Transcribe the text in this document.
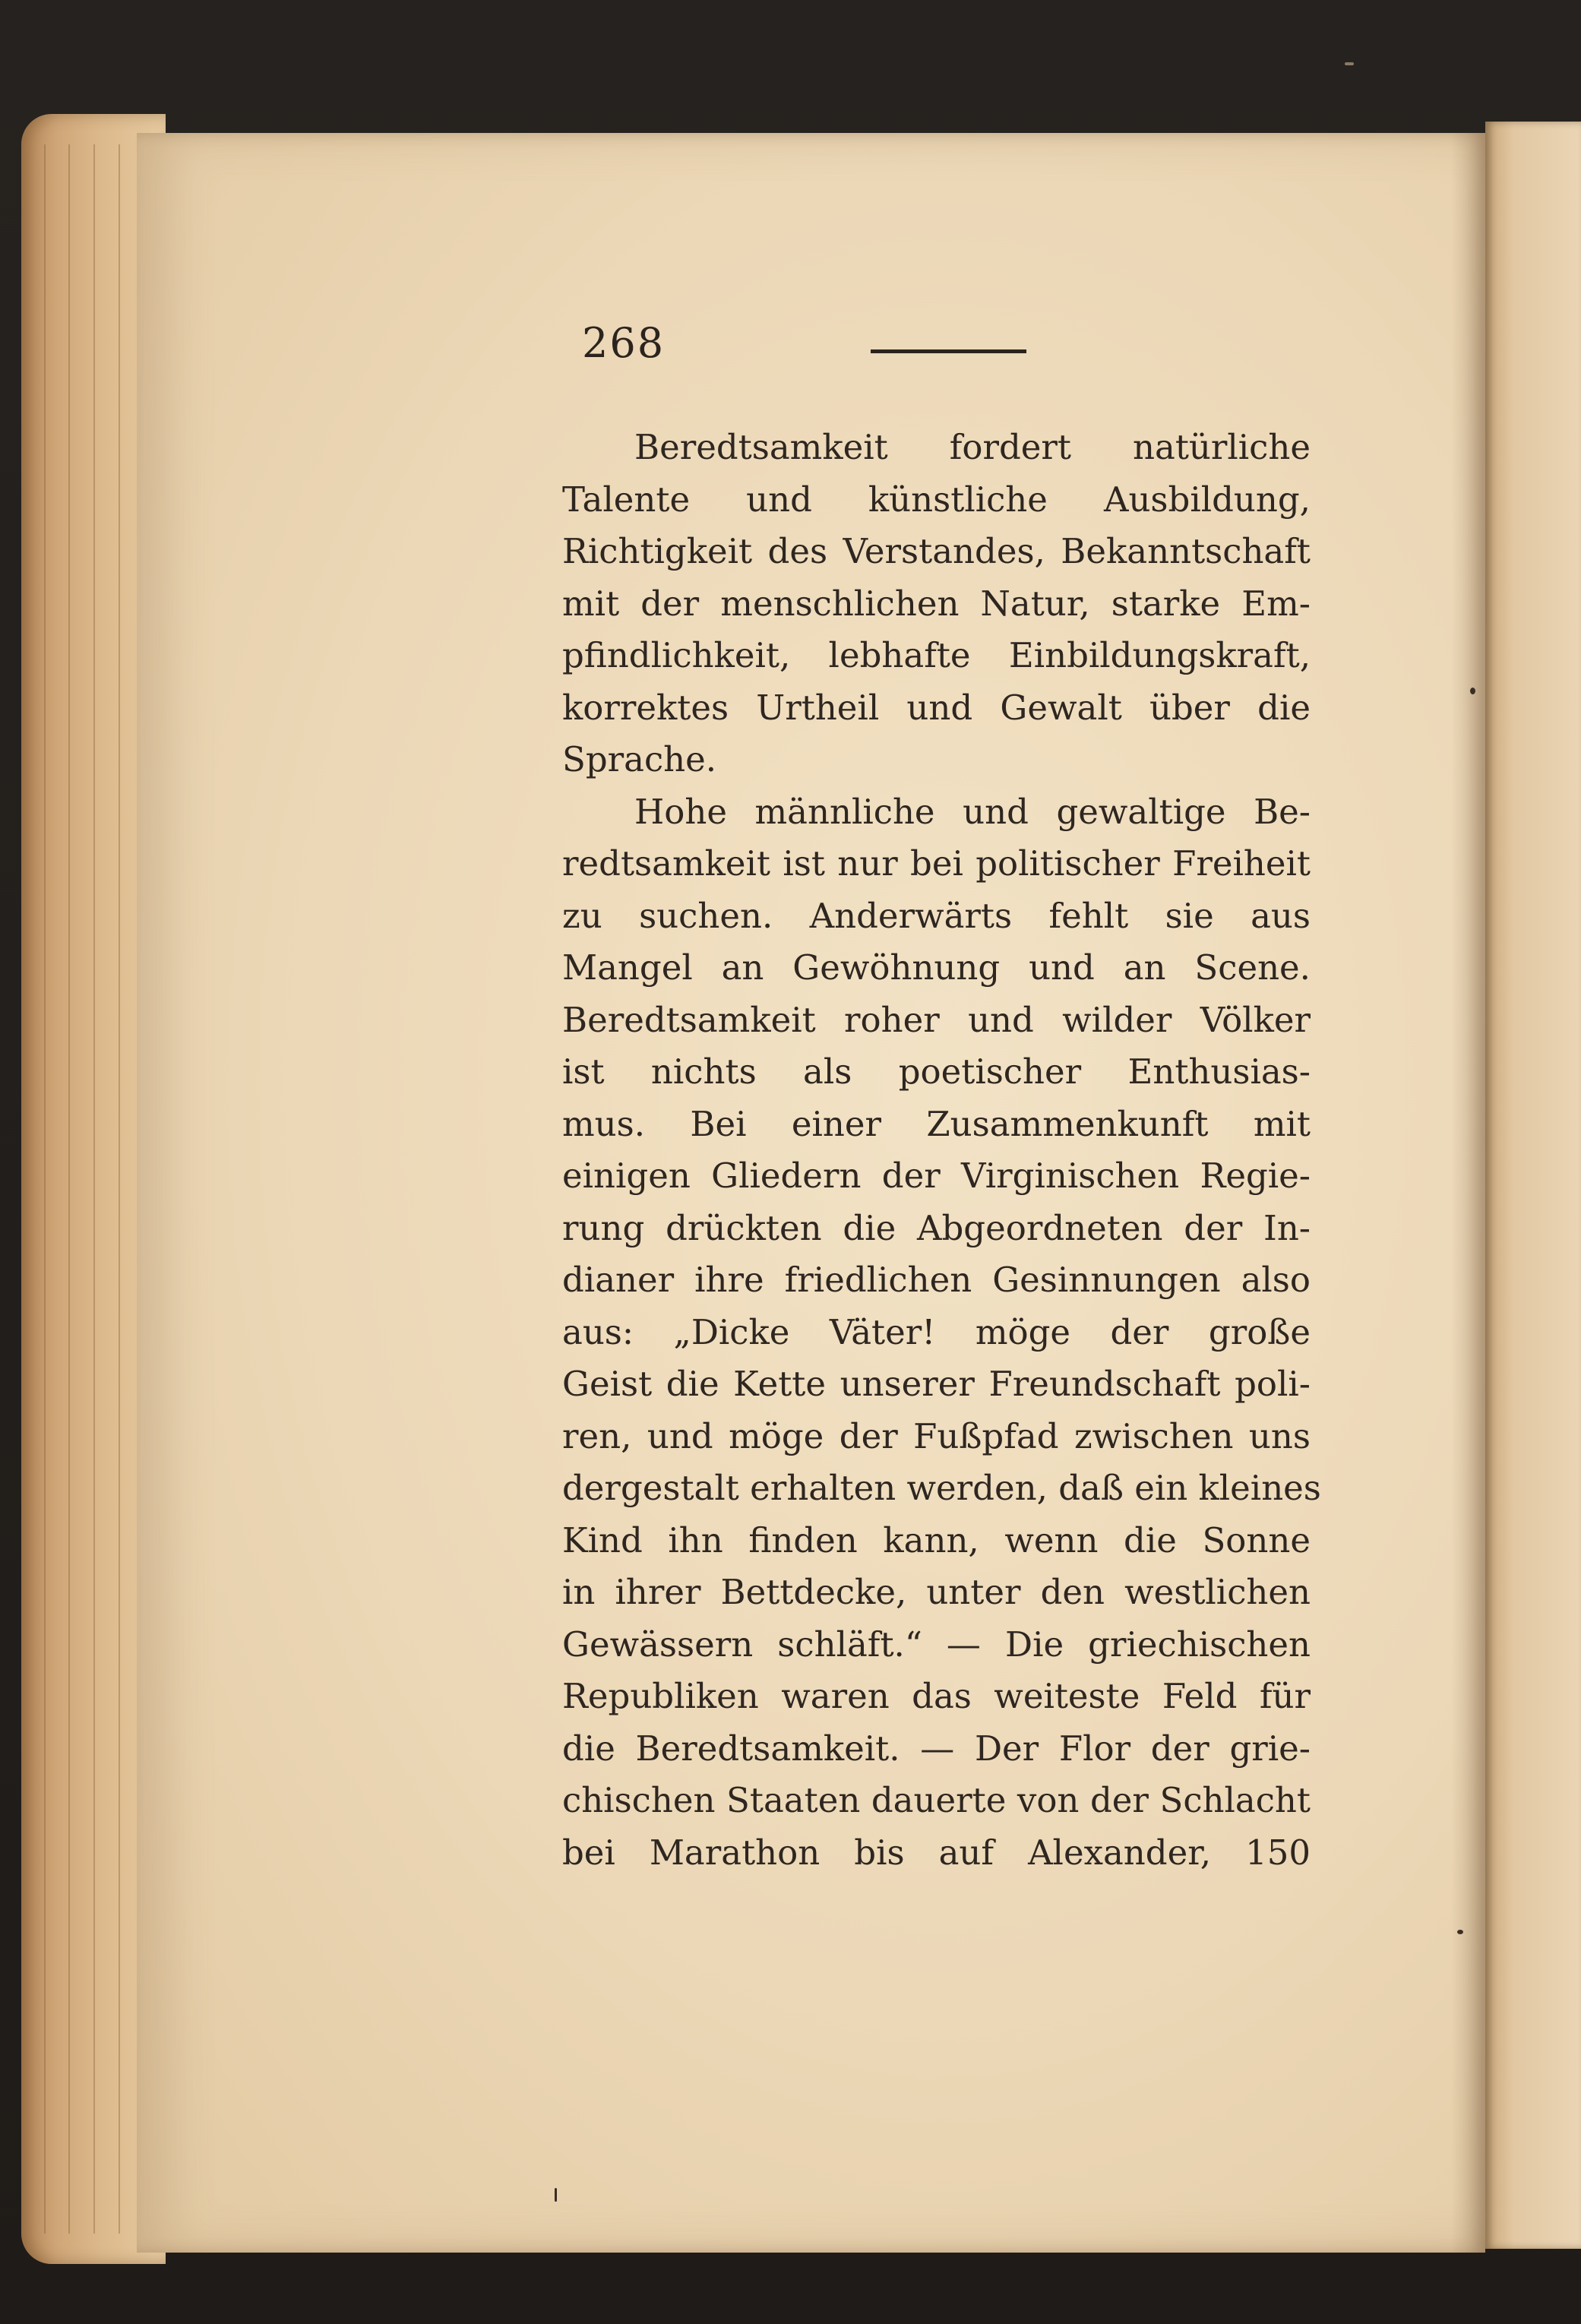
268
Beredtsamkeit fordert natürliche
Talente und künstliche Ausbildung,
Richtigkeit des Verstandes, Bekanntschaft
mit der menschlichen Natur, starke Em-
pfindlichkeit, lebhafte Einbildungskraft,
korrektes Urtheil und Gewalt über die
Sprache.
Hohe männliche und gewaltige Be-
redtsamkeit ist nur bei politischer Freiheit
zu suchen. Anderwärts fehlt sie aus
Mangel an Gewöhnung und an Scene.
Beredtsamkeit roher und wilder Völker
ist nichts als poetischer Enthusias-
mus. Bei einer Zusammenkunft mit
einigen Gliedern der Virginischen Regie-
rung drückten die Abgeordneten der In-
dianer ihre friedlichen Gesinnungen also
aus: „Dicke Väter! möge der große
Geist die Kette unserer Freundschaft poli-
ren, und möge der Fußpfad zwischen uns
dergestalt erhalten werden, daß ein kleines
Kind ihn finden kann, wenn die Sonne
in ihrer Bettdecke, unter den westlichen
Gewässern schläft.“ — Die griechischen
Republiken waren das weiteste Feld für
die Beredtsamkeit. — Der Flor der grie-
chischen Staaten dauerte von der Schlacht
bei Marathon bis auf Alexander, 150
